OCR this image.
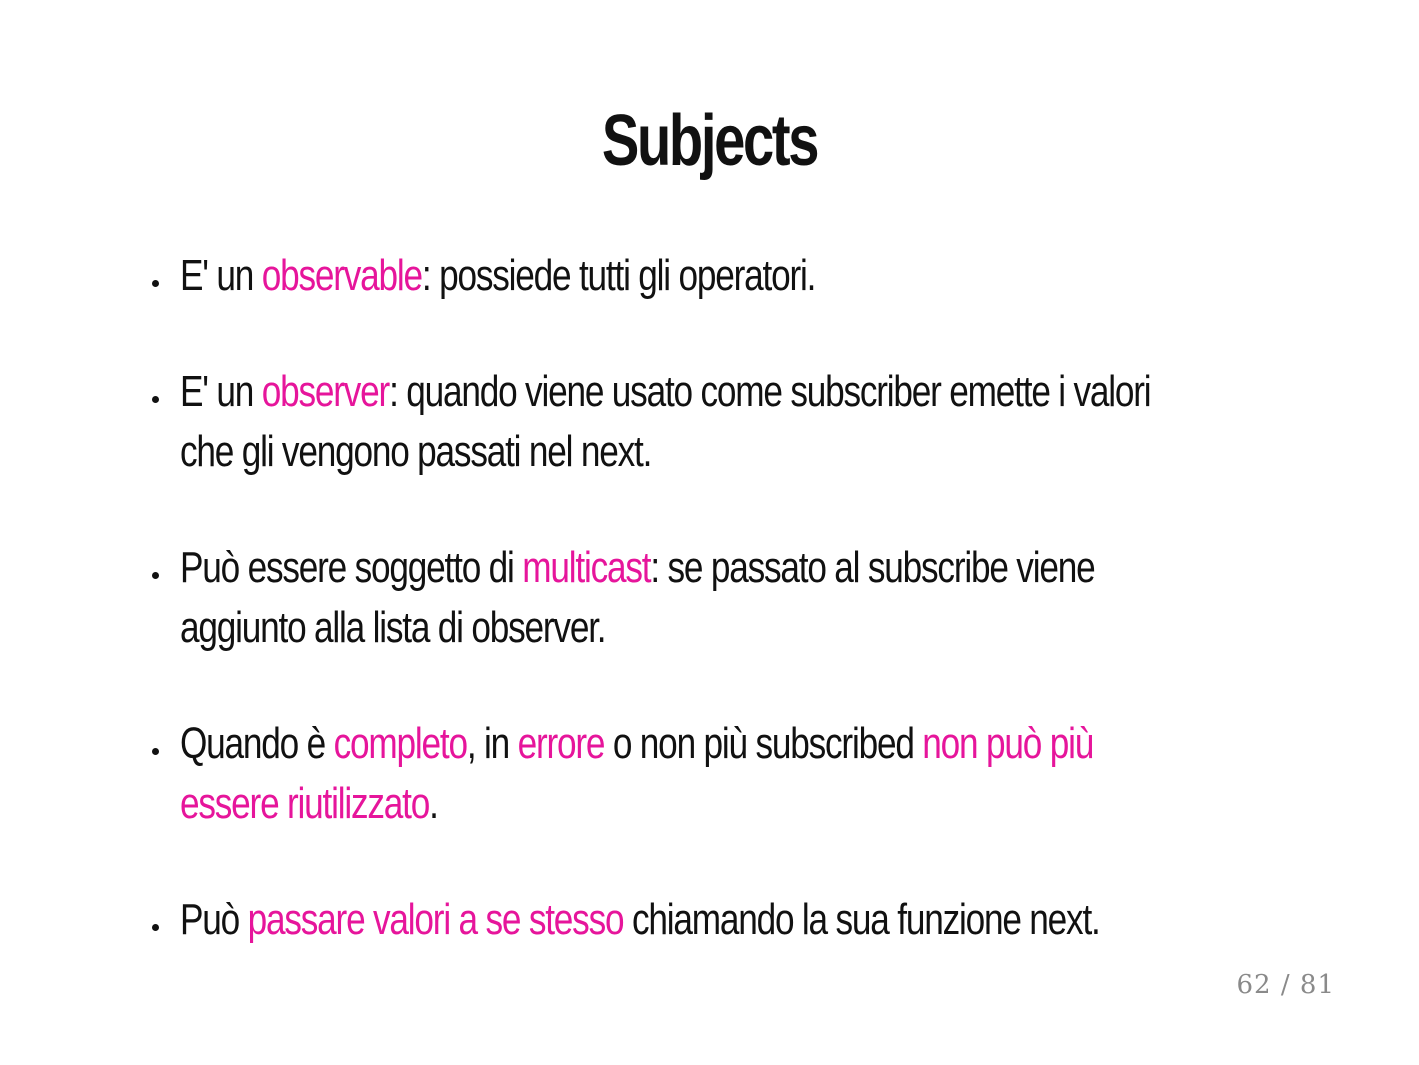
Subjects
E' un observable: possiede tutti gli operatori.
E' un observer: quando viene usato come subscriber emette i valori che gli vengono passati nel next.
Può essere soggetto di multicast: se passato al subscribe viene aggiunto alla lista di observer.
Quando è completo, in errore o non più subscribed non può più essere riutilizzato.
Può passare valori a se stesso chiamando la sua funzione next.
62 / 81
